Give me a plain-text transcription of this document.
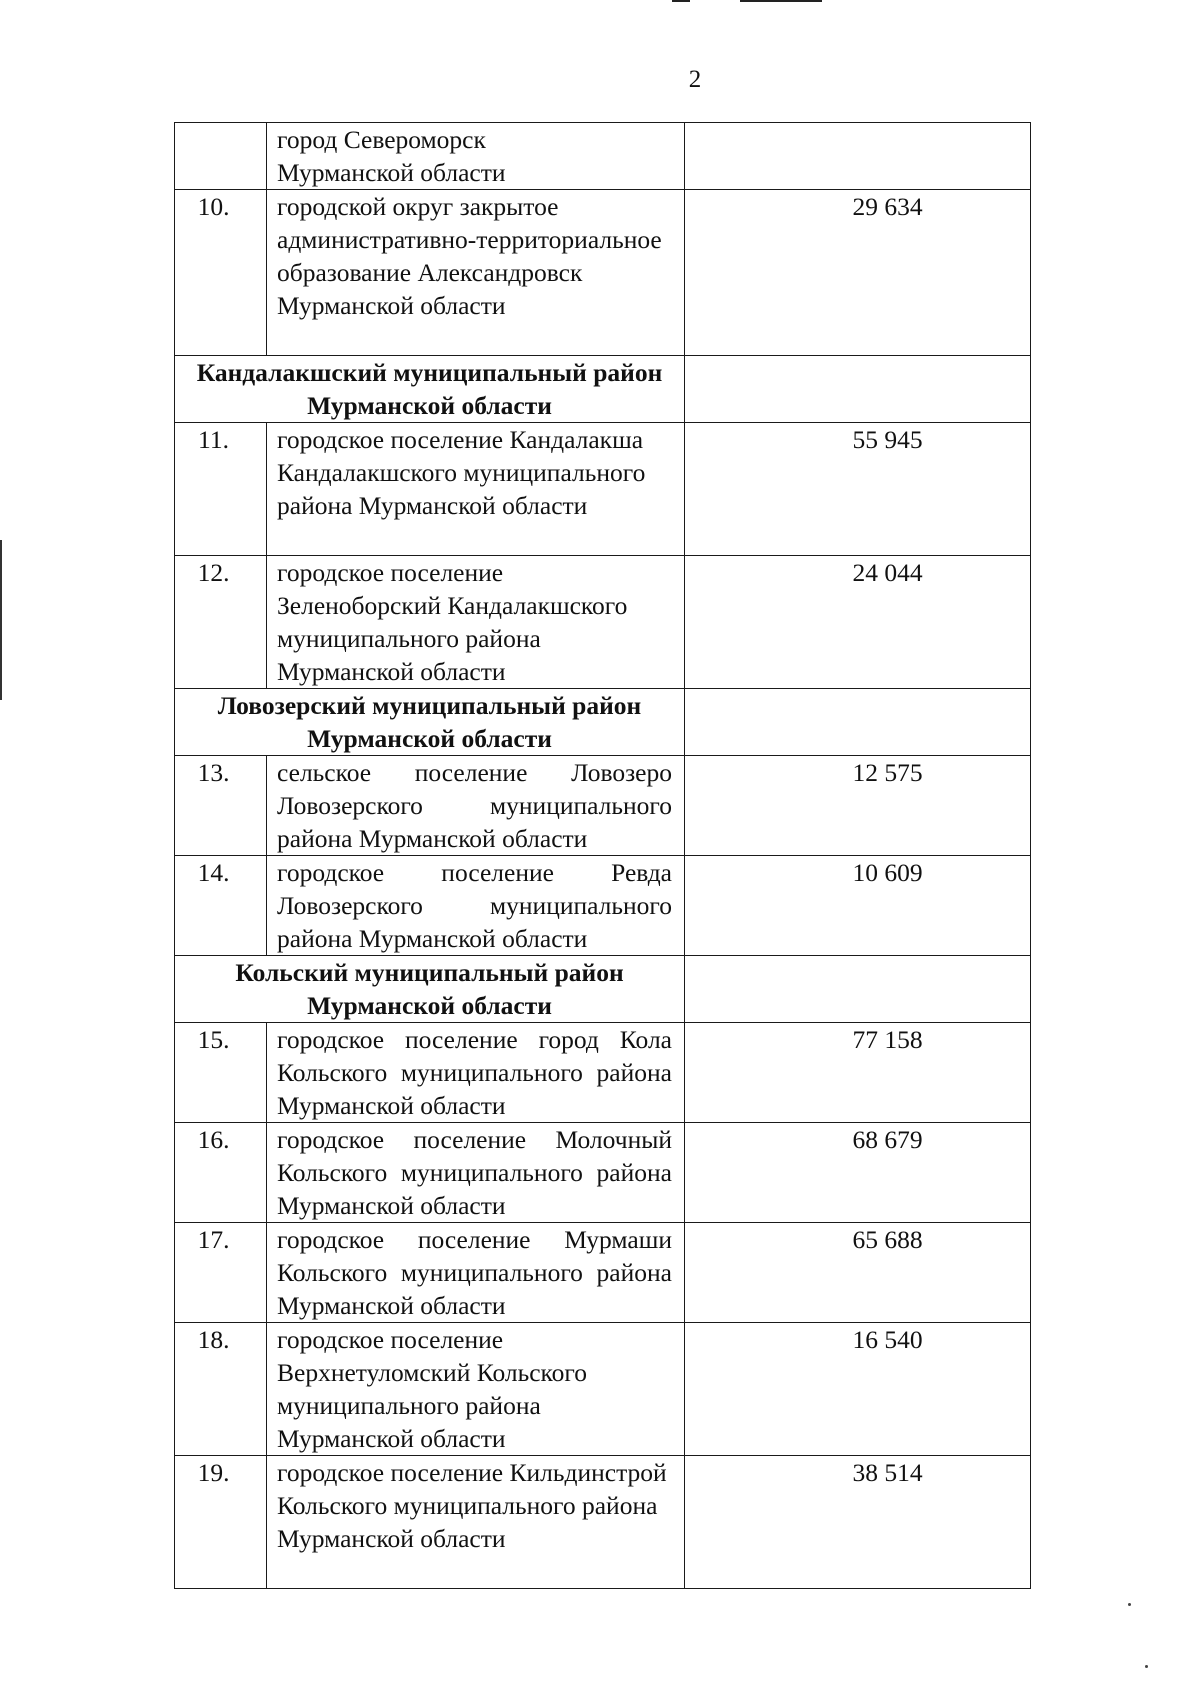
2

	город Североморск Мурманской области	

10.	городской округ закрытое административно-территориальное образование Александровск Мурманской области	29 634
Кандалакшский муниципальный район Мурманской области		
11.	городское поселение Кандалакша Кандалакшского муниципального района Мурманской области	55 945
12.	городское поселение Зеленоборский Кандалакшского муниципального района Мурманской области	24 044
Ловозерский муниципальный район Мурманской области		
13.	сельское поселение Ловозеро Ловозерского муниципального района Мурманской области	12 575
14.	городское поселение Ревда Ловозерского муниципального района Мурманской области	10 609
Кольский муниципальный район Мурманской области		
15.	городское поселение город Кола Кольского муниципального района Мурманской области	77 158
16.	городское поселение Молочный Кольского муниципального района Мурманской области	68 679
17.	городское поселение Мурмаши Кольского муниципального района Мурманской области	65 688
18.	городское поселение Верхнетуломский Кольского муниципального района Мурманской области	16 540
19.	городское поселение Кильдинстрой Кольского муниципального района Мурманской области	38 514
